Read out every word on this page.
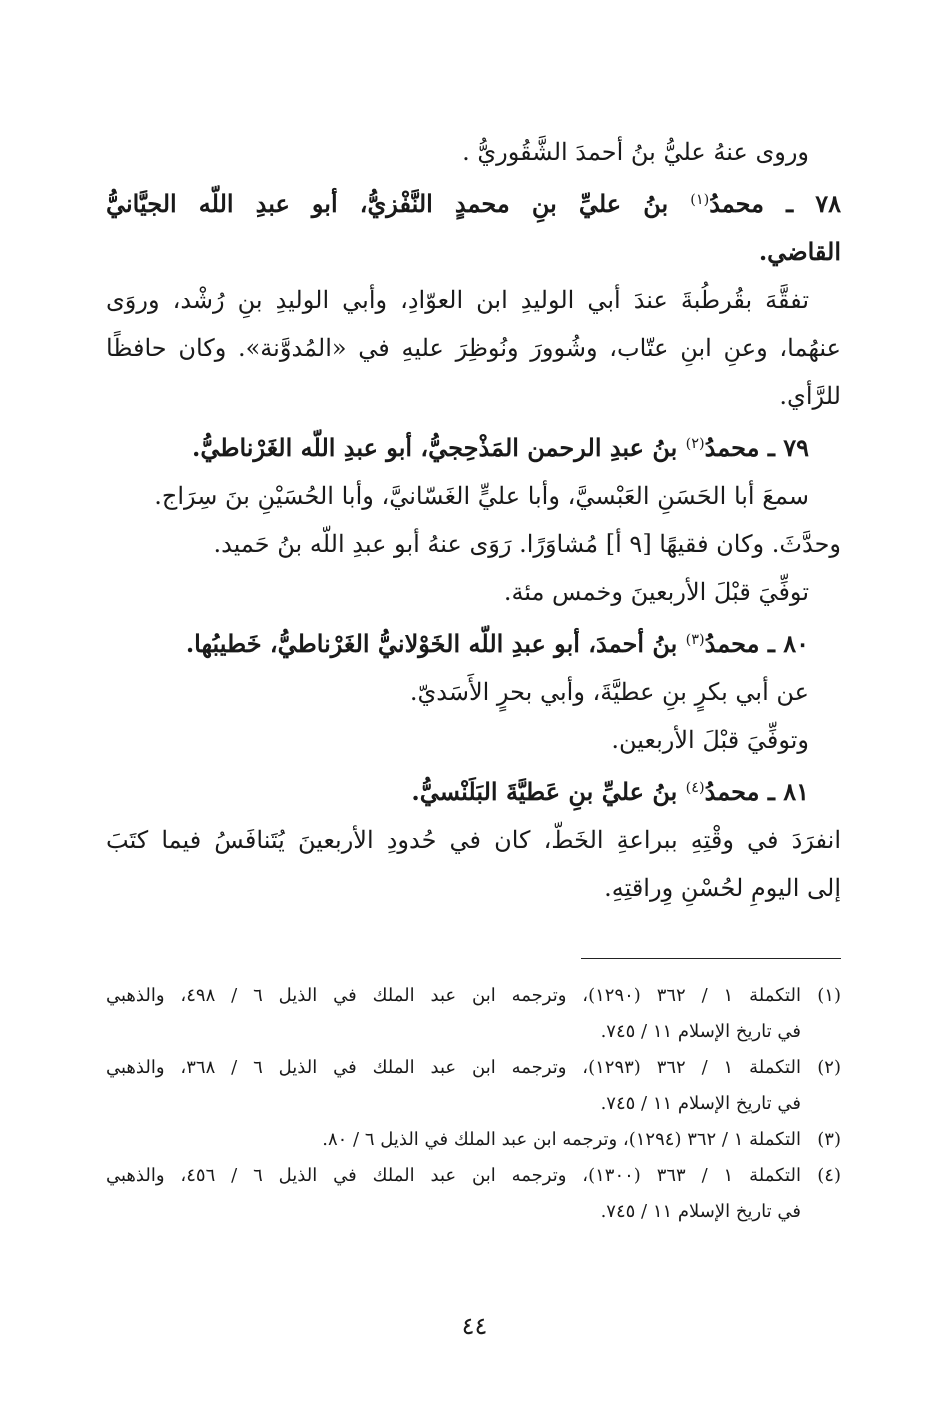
وروى عنهُ عليُّ بنُ أحمدَ الشَّقُوريُّ .

٧٨ ـ محمدُ$^{(١)}$ بنُ عليِّ بنِ محمدٍ النَّفْزيُّ، أبو عبدِ اللّه الجيَّانيُّ

القاضي.

تفقَّهَ بقُرطُبةَ عندَ أبي الوليدِ ابن العوّادِ، وأبي الوليدِ بنِ رُشْد، وروَى

عنهُما، وعنِ ابنِ عتّاب، وشُوورَ ونُوظِرَ عليهِ في «المُدوَّنة». وكان حافظًا

للرَّأي.

٧٩ ـ محمدُ$^{(٢)}$ بنُ عبدِ الرحمن المَذْحِجيُّ، أبو عبدِ اللّه الغَرْناطيُّ.

سمعَ أبا الحَسَنِ العَبْسيَّ، وأبا عليٍّ الغَسّانيَّ، وأبا الحُسَيْنِ بنَ سِرَاج.

وحدَّثَ. وكان فقيهًا [٩ أ] مُشاوَرًا. رَوَى عنهُ أبو عبدِ اللّه بنُ حَميد.

توفِّيَ قبْلَ الأربعينَ وخمس مئة.

٨٠ ـ محمدُ$^{(٣)}$ بنُ أحمدَ، أبو عبدِ اللّه الخَوْلانيُّ الغَرْناطيُّ، خَطيبُها.

عن أبي بكرٍ بنِ عطيَّةَ، وأبي بحرٍ الأَسَديّ.

وتوفِّيَ قبْلَ الأربعين.

٨١ ـ محمدُ$^{(٤)}$ بنُ عليِّ بنِ عَطيَّةَ البَلَنْسيُّ.

انفرَدَ في وقْتِهِ ببراعةِ الخَطّ، كان في حُدودِ الأربعينَ يُتَنافَسُ فيما كتَبَ

إلى اليومِ لحُسْنِ وِراقتِهِ.

(١)
التكملة ١ / ٣٦٢ (١٢٩٠)، وترجمه ابن عبد الملك في الذيل ٦ / ٤٩٨، والذهبي
في تاريخ الإسلام ١١ / ٧٤٥.
(٢)
التكملة ١ / ٣٦٢ (١٢٩٣)، وترجمه ابن عبد الملك في الذيل ٦ / ٣٦٨، والذهبي
في تاريخ الإسلام ١١ / ٧٤٥.
(٣)
التكملة ١ / ٣٦٢ (١٢٩٤)، وترجمه ابن عبد الملك في الذيل ٦ / ٨٠.
(٤)
التكملة ١ / ٣٦٣ (١٣٠٠)، وترجمه ابن عبد الملك في الذيل ٦ / ٤٥٦، والذهبي
في تاريخ الإسلام ١١ / ٧٤٥.
٤٤
